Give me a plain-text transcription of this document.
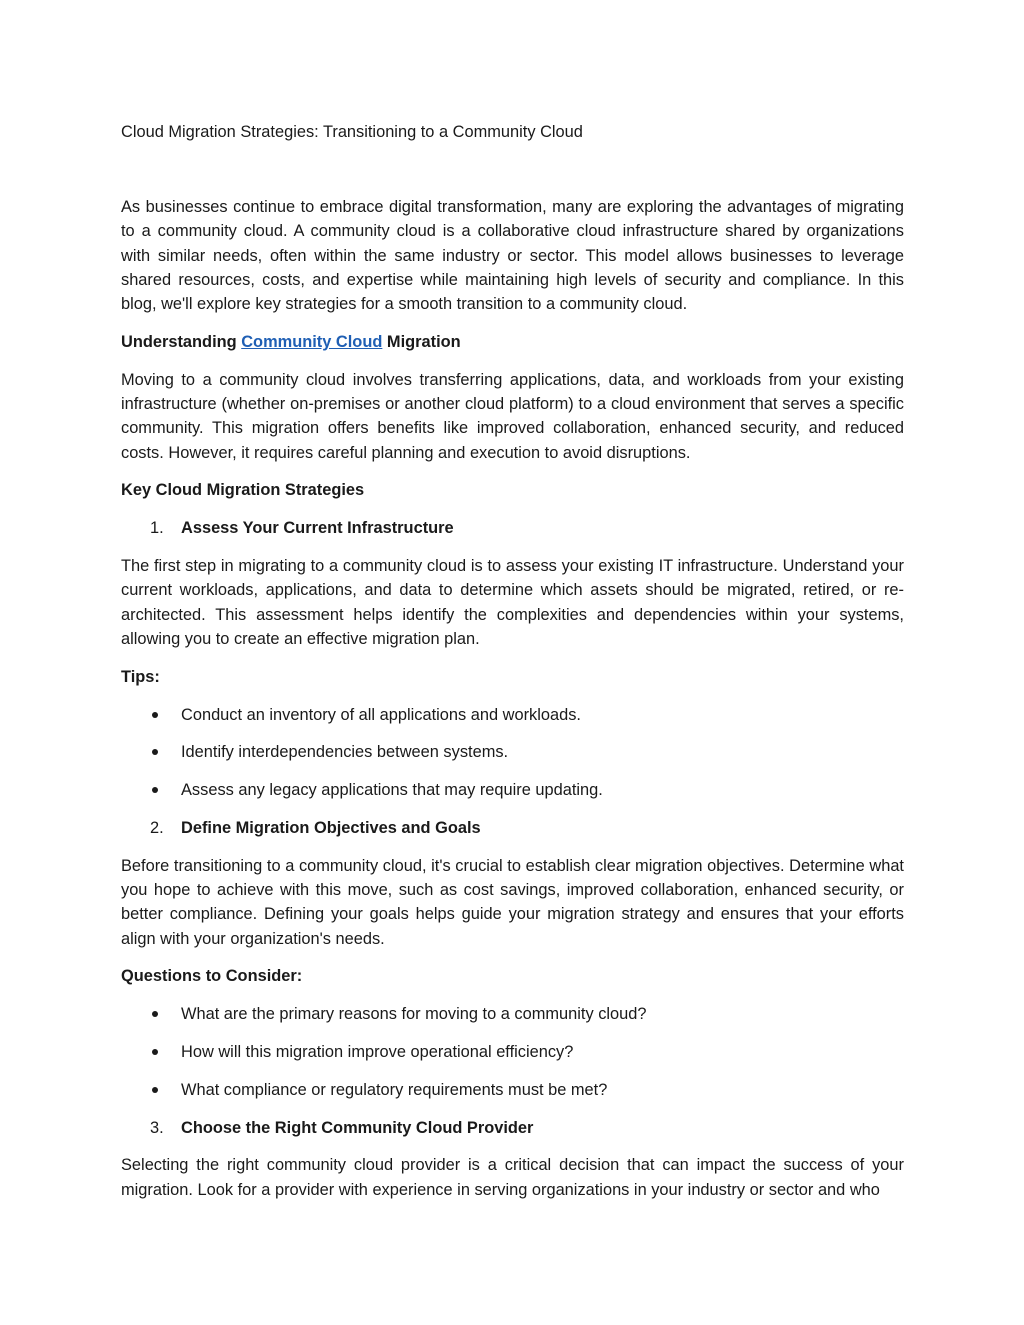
Cloud Migration Strategies: Transitioning to a Community Cloud

As businesses continue to embrace digital transformation, many are exploring the advantages of migrating to a community cloud. A community cloud is a collaborative cloud infrastructure shared by organizations with similar needs, often within the same industry or sector. This model allows businesses to leverage shared resources, costs, and expertise while maintaining high levels of security and compliance. In this blog, we'll explore key strategies for a smooth transition to a community cloud.

Understanding Community Cloud Migration

Moving to a community cloud involves transferring applications, data, and workloads from your existing infrastructure (whether on-premises or another cloud platform) to a cloud environment that serves a specific community. This migration offers benefits like improved collaboration, enhanced security, and reduced costs. However, it requires careful planning and execution to avoid disruptions.

Key Cloud Migration Strategies
1. Assess Your Current Infrastructure

The first step in migrating to a community cloud is to assess your existing IT infrastructure. Understand your current workloads, applications, and data to determine which assets should be migrated, retired, or re-architected. This assessment helps identify the complexities and dependencies within your systems, allowing you to create an effective migration plan.

Tips:
Conduct an inventory of all applications and workloads.
Identify interdependencies between systems.
Assess any legacy applications that may require updating.
2. Define Migration Objectives and Goals

Before transitioning to a community cloud, it's crucial to establish clear migration objectives. Determine what you hope to achieve with this move, such as cost savings, improved collaboration, enhanced security, or better compliance. Defining your goals helps guide your migration strategy and ensures that your efforts align with your organization's needs.

Questions to Consider:
What are the primary reasons for moving to a community cloud?
How will this migration improve operational efficiency?
What compliance or regulatory requirements must be met?
3. Choose the Right Community Cloud Provider

Selecting the right community cloud provider is a critical decision that can impact the success of your migration. Look for a provider with experience in serving organizations in your industry or sector and who
